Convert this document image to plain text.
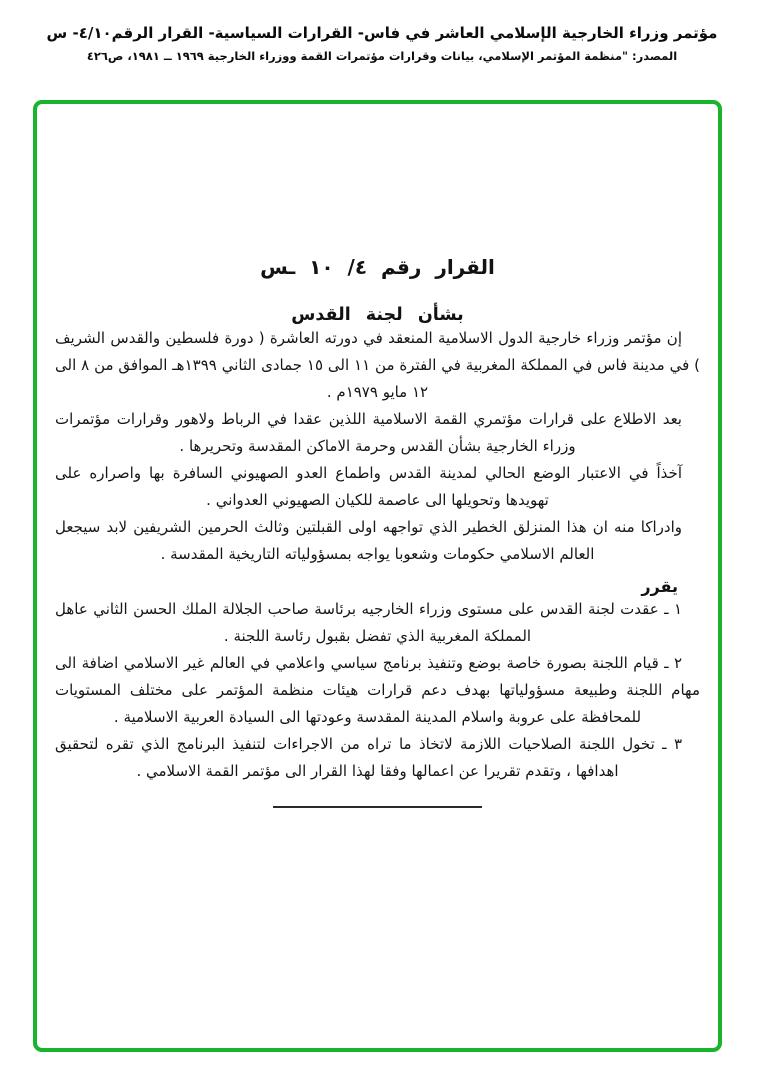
مؤتمر وزراء الخارجية الإسلامي العاشر في فاس- القرارات السياسية- القرار الرقم٤/١٠- س
المصدر: "منظمة المؤتمر الإسلامي، بيانات وقرارات مؤتمرات القمة ووزراء الخارجية ١٩٦٩ ــ ١٩٨١، ص٤٢٦
القرار رقم ٤/ ١٠ ـس
بشأن لجنة القدس

إن مؤتمر وزراء خارجية الدول الاسلامية المنعقد في دورته العاشرة ( دورة فلسطين والقدس الشريف ) في مدينة فاس في المملكة المغربية في الفترة من ١١ الى ١٥ جمادى الثاني ١٣٩٩هـ الموافق من ٨ الى ١٢ مايو ١٩٧٩م .

بعد الاطلاع على قرارات مؤتمري القمة الاسلامية اللذين عقدا في الرباط ولاهور وقرارات مؤتمرات وزراء الخارجية بشأن القدس وحرمة الاماكن المقدسة وتحريرها .

آخذاً في الاعتبار الوضع الحالي لمدينة القدس واطماع العدو الصهيوني السافرة بها واصراره على تهويدها وتحويلها الى عاصمة للكيان الصهيوني العدواني .

وادراكا منه ان هذا المنزلق الخطير الذي تواجهه اولى القبلتين وثالث الحرمين الشريفين لابد سيجعل العالم الاسلامي حكومات وشعوبا يواجه بمسؤولياته التاريخية المقدسة .

يقرر

١ ـ عقدت لجنة القدس على مستوى وزراء الخارجيه برئاسة صاحب الجلالة الملك الحسن الثاني عاهل المملكة المغربية الذي تفضل بقبول رئاسة اللجنة .

٢ ـ قيام اللجنة بصورة خاصة بوضع وتنفيذ برنامج سياسي واعلامي في العالم غير الاسلامي اضافة الى مهام اللجنة وطبيعة مسؤولياتها بهدف دعم قرارات هيئات منظمة المؤتمر على مختلف المستويات للمحافظة على عروبة واسلام المدينة المقدسة وعودتها الى السيادة العربية الاسلامية .

٣ ـ تخول اللجنة الصلاحيات اللازمة لاتخاذ ما تراه من الاجراءات لتنفيذ البرنامج الذي تقره لتحقيق اهدافها ، وتقدم تقريرا عن اعمالها وفقا لهذا القرار الى مؤتمر القمة الاسلامي .
